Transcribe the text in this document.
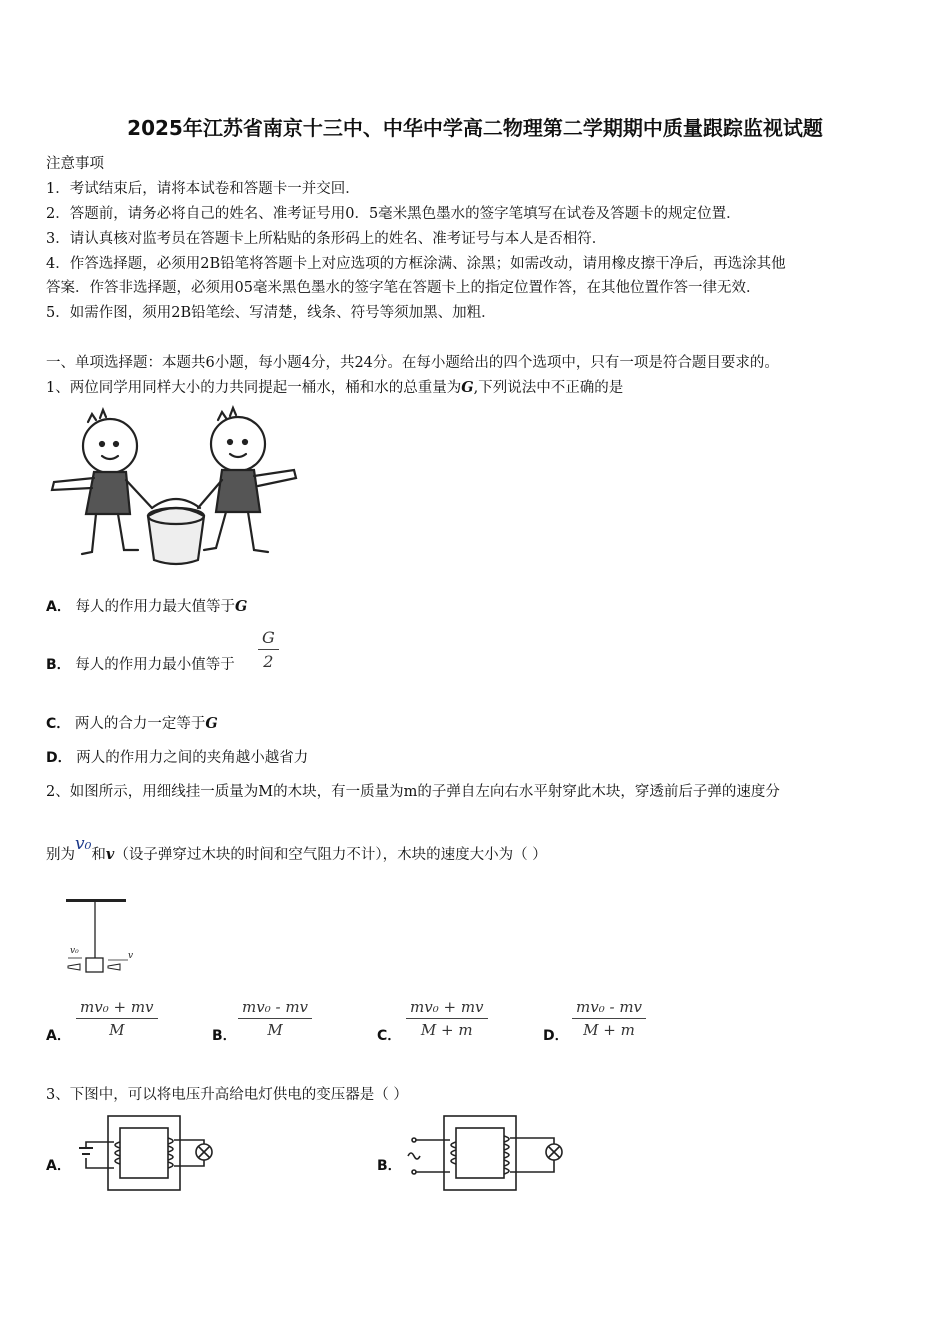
2025年江苏省南京十三中、中华中学高二物理第二学期期中质量跟踪监视试题
注意事项
1．考试结束后，请将本试卷和答题卡一并交回．
2．答题前，请务必将自己的姓名、准考证号用0．5毫米黑色墨水的签字笔填写在试卷及答题卡的规定位置．
3．请认真核对监考员在答题卡上所粘贴的条形码上的姓名、准考证号与本人是否相符．
4．作答选择题，必须用2B铅笔将答题卡上对应选项的方框涂满、涂黑；如需改动，请用橡皮擦干净后，再选涂其他
答案．作答非选择题，必须用05毫米黑色墨水的签字笔在答题卡上的指定位置作答，在其他位置作答一律无效．
5．如需作图，须用2B铅笔绘、写清楚，线条、符号等须加黑、加粗．
一、单项选择题：本题共6小题，每小题4分，共24分。在每小题给出的四个选项中，只有一项是符合题目要求的。
1、两位同学用同样大小的力共同提起一桶水，桶和水的总重量为G,下列说法中不正确的是
A． 每人的作用力最大值等于G
B． 每人的作用力最小值等于 $\frac{G}{2}$
C． 两人的合力一定等于G
D． 两人的作用力之间的夹角越小越省力
2、如图所示，用细线挂一质量为M的木块，有一质量为m的子弹自左向右水平射穿此木块，穿透前后子弹的速度分
别为v₀和v（设子弹穿过木块的时间和空气阻力不计），木块的速度大小为（ ）
v₀	v
A． $\frac{\text{mv₀ + mv}}{M}$	B． $\frac{\text{mv₀ - mv}}{M}$	C． $\frac{\text{mv₀ + mv}}{M + m}$	D． $\frac{\text{mv₀ - mv}}{M + m}$
3、下图中，可以将电压升高给电灯供电的变压器是（ ）
A．	B．
